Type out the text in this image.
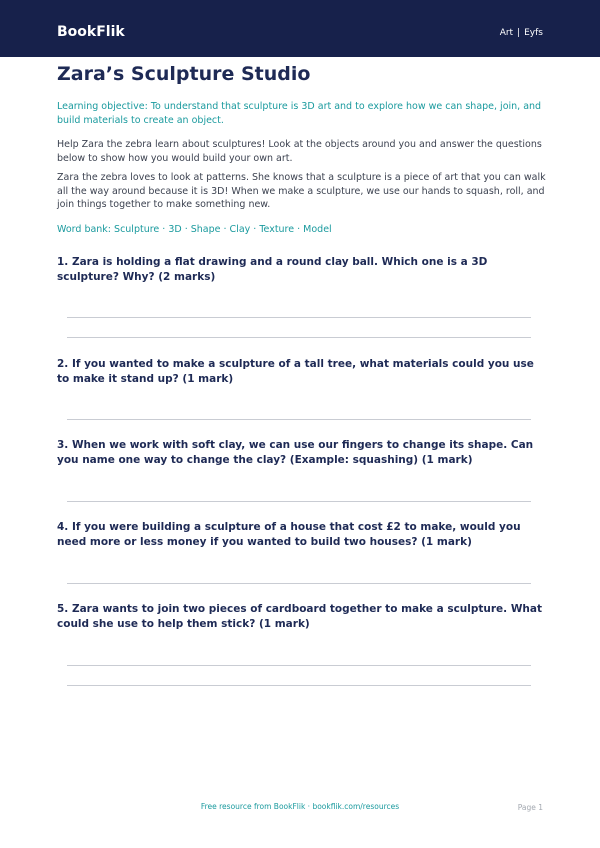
BookFlik	Art | Eyfs
Zara’s Sculpture Studio

Learning objective: To understand that sculpture is 3D art and to explore how we can shape, join, and build materials to create an object.

Help Zara the zebra learn about sculptures! Look at the objects around you and answer the questions below to show how you would build your own art.

Zara the zebra loves to look at patterns. She knows that a sculpture is a piece of art that you can walk all the way around because it is 3D! When we make a sculpture, we use our hands to squash, roll, and join things together to make something new.

Word bank: Sculpture · 3D · Shape · Clay · Texture · Model

1. Zara is holding a flat drawing and a round clay ball. Which one is a 3D sculpture? Why? (2 marks)

2. If you wanted to make a sculpture of a tall tree, what materials could you use to make it stand up? (1 mark)

3. When we work with soft clay, we can use our fingers to change its shape. Can you name one way to change the clay? (Example: squashing) (1 mark)

4. If you were building a sculpture of a house that cost £2 to make, would you need more or less money if you wanted to build two houses? (1 mark)

5. Zara wants to join two pieces of cardboard together to make a sculpture. What could she use to help them stick? (1 mark)

Free resource from BookFlik · bookflik.com/resources	Page 1
